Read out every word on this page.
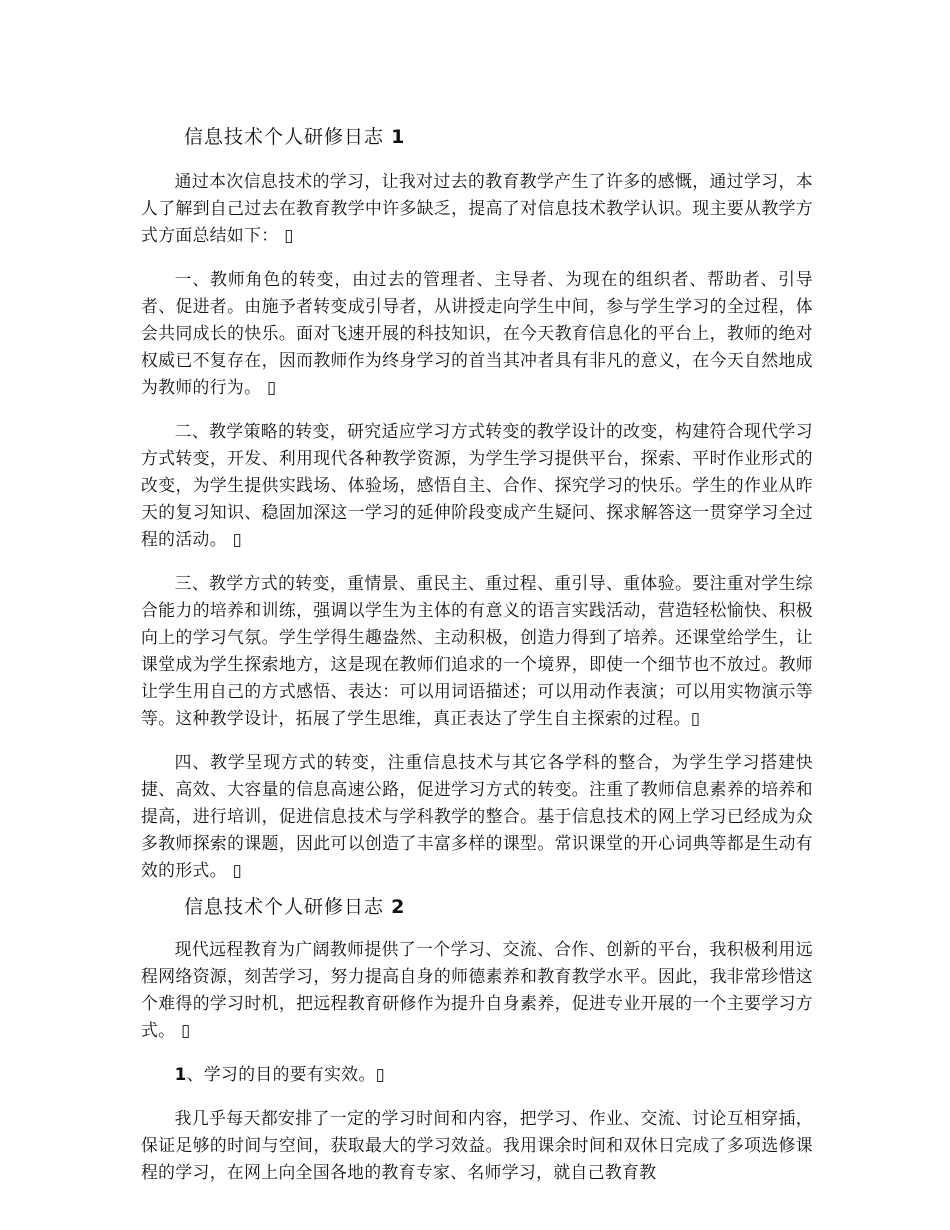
信息技术个人研修日志 1

通过本次信息技术的学习，让我对过去的教育教学产生了许多的感慨，通过学习，本人了解到自己过去在教育教学中许多缺乏，提高了对信息技术教学认识。现主要从教学方式方面总结如下： ▯

一、教师角色的转变，由过去的管理者、主导者、为现在的组织者、帮助者、引导者、促进者。由施予者转变成引导者，从讲授走向学生中间，参与学生学习的全过程，体会共同成长的快乐。面对飞速开展的科技知识，在今天教育信息化的平台上，教师的绝对权威已不复存在，因而教师作为终身学习的首当其冲者具有非凡的意义，在今天自然地成为教师的行为。 ▯

二、教学策略的转变，研究适应学习方式转变的教学设计的改变，构建符合现代学习方式转变，开发、利用现代各种教学资源，为学生学习提供平台，探索、平时作业形式的改变，为学生提供实践场、体验场，感悟自主、合作、探究学习的快乐。学生的作业从昨天的复习知识、稳固加深这一学习的延伸阶段变成产生疑问、探求解答这一贯穿学习全过程的活动。 ▯

三、教学方式的转变，重情景、重民主、重过程、重引导、重体验。要注重对学生综合能力的培养和训练，强调以学生为主体的有意义的语言实践活动，营造轻松愉快、积极向上的学习气氛。学生学得生趣盎然、主动积极，创造力得到了培养。还课堂给学生，让课堂成为学生探索地方，这是现在教师们追求的一个境界，即使一个细节也不放过。教师让学生用自己的方式感悟、表达：可以用词语描述；可以用动作表演；可以用实物演示等等。这种教学设计，拓展了学生思维，真正表达了学生自主探索的过程。▯

四、教学呈现方式的转变，注重信息技术与其它各学科的整合，为学生学习搭建快捷、高效、大容量的信息高速公路，促进学习方式的转变。注重了教师信息素养的培养和提高，进行培训，促进信息技术与学科教学的整合。基于信息技术的网上学习已经成为众多教师探索的课题，因此可以创造了丰富多样的课型。常识课堂的开心词典等都是生动有效的形式。 ▯

信息技术个人研修日志 2

现代远程教育为广阔教师提供了一个学习、交流、合作、创新的平台，我积极利用远程网络资源，刻苦学习，努力提高自身的师德素养和教育教学水平。因此，我非常珍惜这个难得的学习时机，把远程教育研修作为提升自身素养，促进专业开展的一个主要学习方式。 ▯

1、学习的目的要有实效。▯

我几乎每天都安排了一定的学习时间和内容，把学习、作业、交流、讨论互相穿插，保证足够的时间与空间，获取最大的学习效益。我用课余时间和双休日完成了多项选修课程的学习，在网上向全国各地的教育专家、名师学习，就自己教育教
